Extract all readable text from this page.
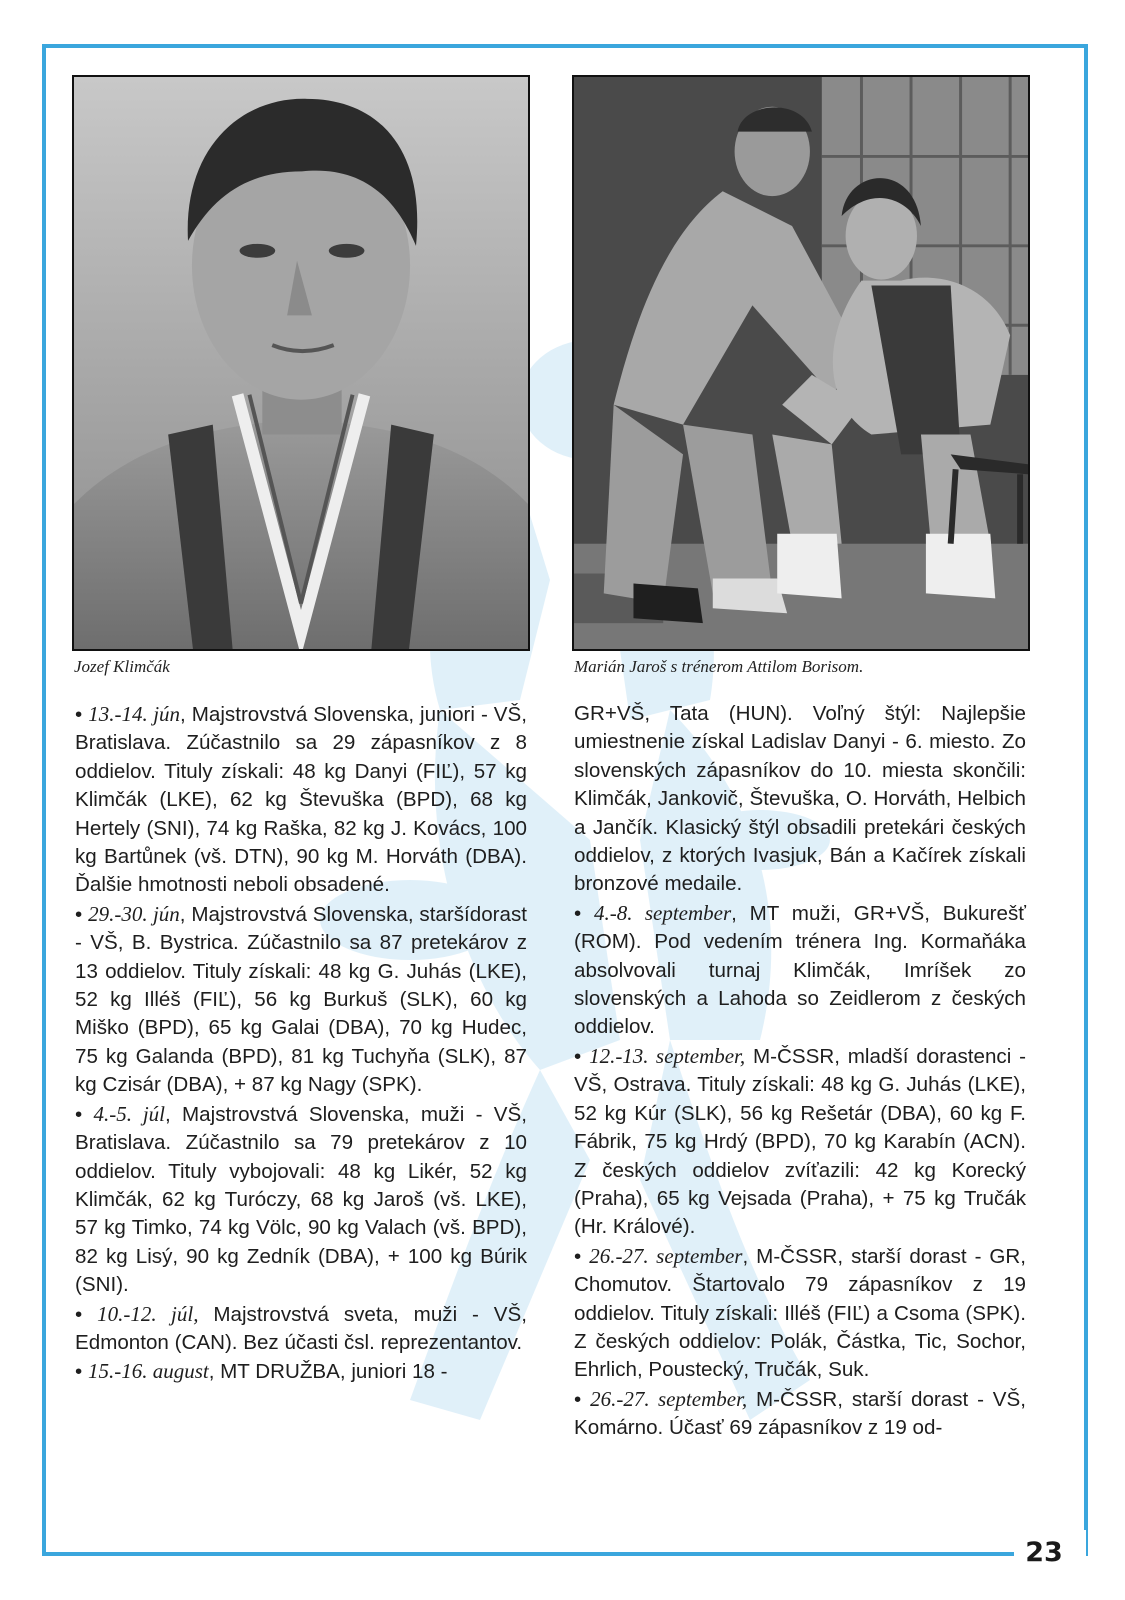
23
Jozef Klimčák	Marián Jaroš s trénerom Attilom Borisom.

• 13.-14. jún, Majstrovstvá Slovenska, juniori - VŠ, Bratislava. Zúčastnilo sa 29 zápasníkov z 8 oddielov. Tituly získali: 48 kg Danyi (FIĽ), 57 kg Klimčák (LKE), 62 kg Števuška (BPD), 68 kg Hertely (SNI), 74 kg Raška, 82 kg J. Kovács, 100 kg Bartůnek (vš. DTN), 90 kg M. Horváth (DBA). Ďalšie hmotnosti neboli obsadené.

• 29.-30. jún, Majstrovstvá Slovenska, staršídorast - VŠ, B. Bystrica. Zúčastnilo sa 87 pretekárov z 13 oddielov. Tituly získali: 48 kg G. Juhás (LKE), 52 kg Illéš (FIĽ), 56 kg Burkuš (SLK), 60 kg Miško (BPD), 65 kg Galai (DBA), 70 kg Hudec, 75 kg Galanda (BPD), 81 kg Tuchyňa (SLK), 87 kg Czisár (DBA), + 87 kg Nagy (SPK).

• 4.-5. júl, Majstrovstvá Slovenska, muži - VŠ, Bratislava. Zúčastnilo sa 79 pretekárov z 10 oddielov. Tituly vybojovali: 48 kg Likér, 52 kg Klimčák, 62 kg Turóczy, 68 kg Jaroš (vš. LKE), 57 kg Timko, 74 kg Völc, 90 kg Valach (vš. BPD), 82 kg Lisý, 90 kg Zedník (DBA), + 100 kg Búrik (SNI).

• 10.-12. júl, Majstrovstvá sveta, muži - VŠ, Edmonton (CAN). Bez účasti čsl. reprezentantov.

• 15.-16. august, MT DRUŽBA, juniori 18 -

GR+VŠ, Tata (HUN). Voľný štýl: Najlepšie umiestnenie získal Ladislav Danyi - 6. miesto. Zo slovenských zápasníkov do 10. miesta skončili: Klimčák, Jankovič, Števuška, O. Horváth, Helbich a Jančík. Klasický štýl obsadili pretekári českých oddielov, z ktorých Ivasjuk, Bán a Kačírek získali bronzové medaile.

• 4.-8. september, MT muži, GR+VŠ, Bukurešť (ROM). Pod vedením trénera Ing. Kormaňáka absolvovali turnaj Klimčák, Imríšek zo slovenských a Lahoda so Zeidlerom z českých oddielov.

• 12.-13. september, M-ČSSR, mladší dorastenci - VŠ, Ostrava. Tituly získali: 48 kg G. Juhás (LKE), 52 kg Kúr (SLK), 56 kg Rešetár (DBA), 60 kg F. Fábrik, 75 kg Hrdý (BPD), 70 kg Karabín (ACN). Z českých oddielov zvíťazili: 42 kg Korecký (Praha), 65 kg Vejsada (Praha), + 75 kg Tručák (Hr. Králové).

• 26.-27. september, M-ČSSR, starší dorast - GR, Chomutov. Štartovalo 79 zápasníkov z 19 oddielov. Tituly získali: Illéš (FIĽ) a Csoma (SPK). Z českých oddielov: Polák, Částka, Tic, Sochor, Ehrlich, Poustecký, Tručák, Suk.

• 26.-27. september, M-ČSSR, starší dorast - VŠ, Komárno. Účasť 69 zápasníkov z 19 od-
